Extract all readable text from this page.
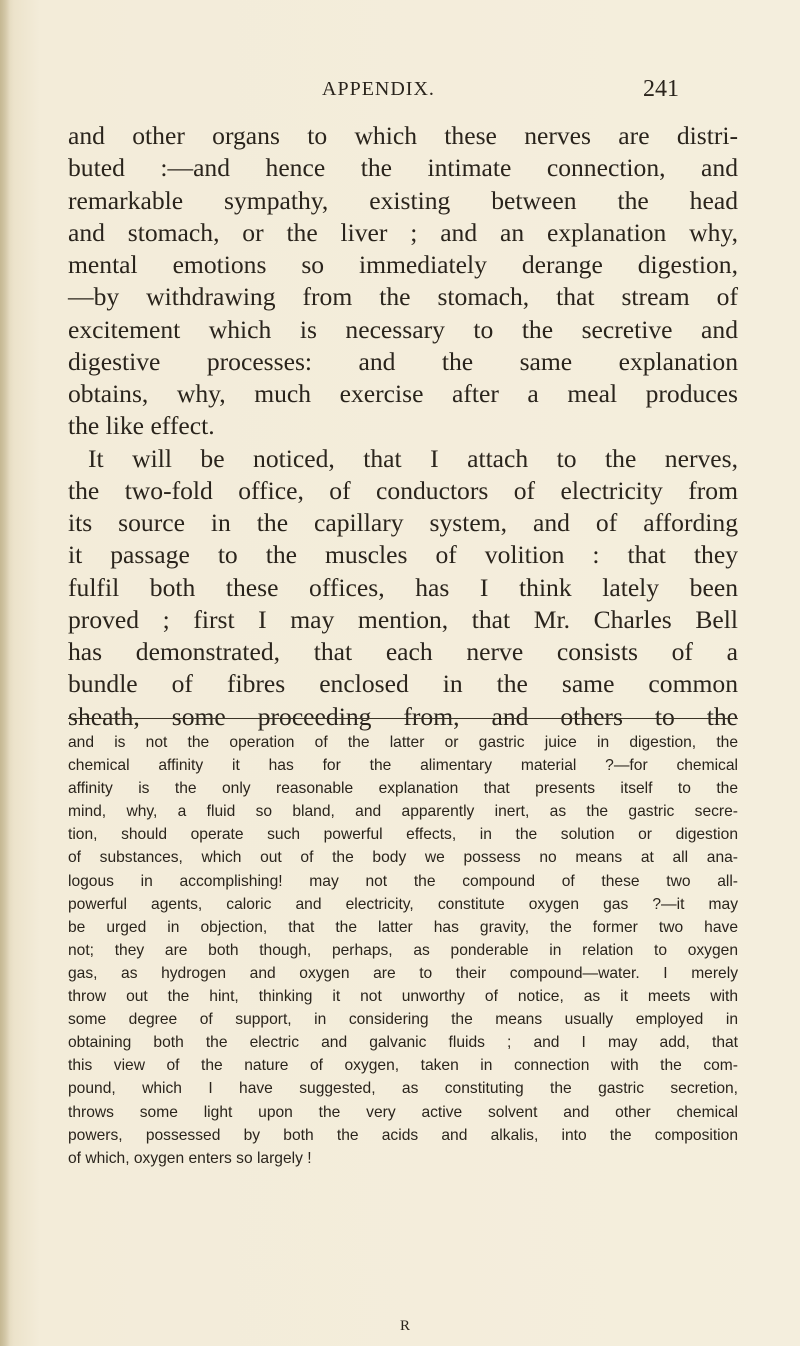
APPENDIX.	241
and other organs to which these nerves are distri-
buted :—and hence the intimate connection, and
remarkable sympathy, existing between the head
and stomach, or the liver ; and an explanation why,
mental emotions so immediately derange digestion,
—by withdrawing from the stomach, that stream of
excitement which is necessary to the secretive and
digestive processes: and the same explanation
obtains, why, much exercise after a meal produces
the like effect.
It will be noticed, that I attach to the nerves,
the two-fold office, of conductors of electricity from
its source in the capillary system, and of affording
it passage to the muscles of volition : that they
fulfil both these offices, has I think lately been
proved ; first I may mention, that Mr. Charles Bell
has demonstrated, that each nerve consists of a
bundle of fibres enclosed in the same common
sheath, some proceeding from, and others to the
and is not the operation of the latter or gastric juice in digestion, the
chemical affinity it has for the alimentary material ?—for chemical
affinity is the only reasonable explanation that presents itself to the
mind, why, a fluid so bland, and apparently inert, as the gastric secre-
tion, should operate such powerful effects, in the solution or digestion
of substances, which out of the body we possess no means at all ana-
logous in accomplishing! may not the compound of these two all-
powerful agents, caloric and electricity, constitute oxygen gas ?—it may
be urged in objection, that the latter has gravity, the former two have
not; they are both though, perhaps, as ponderable in relation to oxygen
gas, as hydrogen and oxygen are to their compound—water. I merely
throw out the hint, thinking it not unworthy of notice, as it meets with
some degree of support, in considering the means usually employed in
obtaining both the electric and galvanic fluids ; and I may add, that
this view of the nature of oxygen, taken in connection with the com-
pound, which I have suggested, as constituting the gastric secretion,
throws some light upon the very active solvent and other chemical
powers, possessed by both the acids and alkalis, into the composition
of which, oxygen enters so largely !
R
